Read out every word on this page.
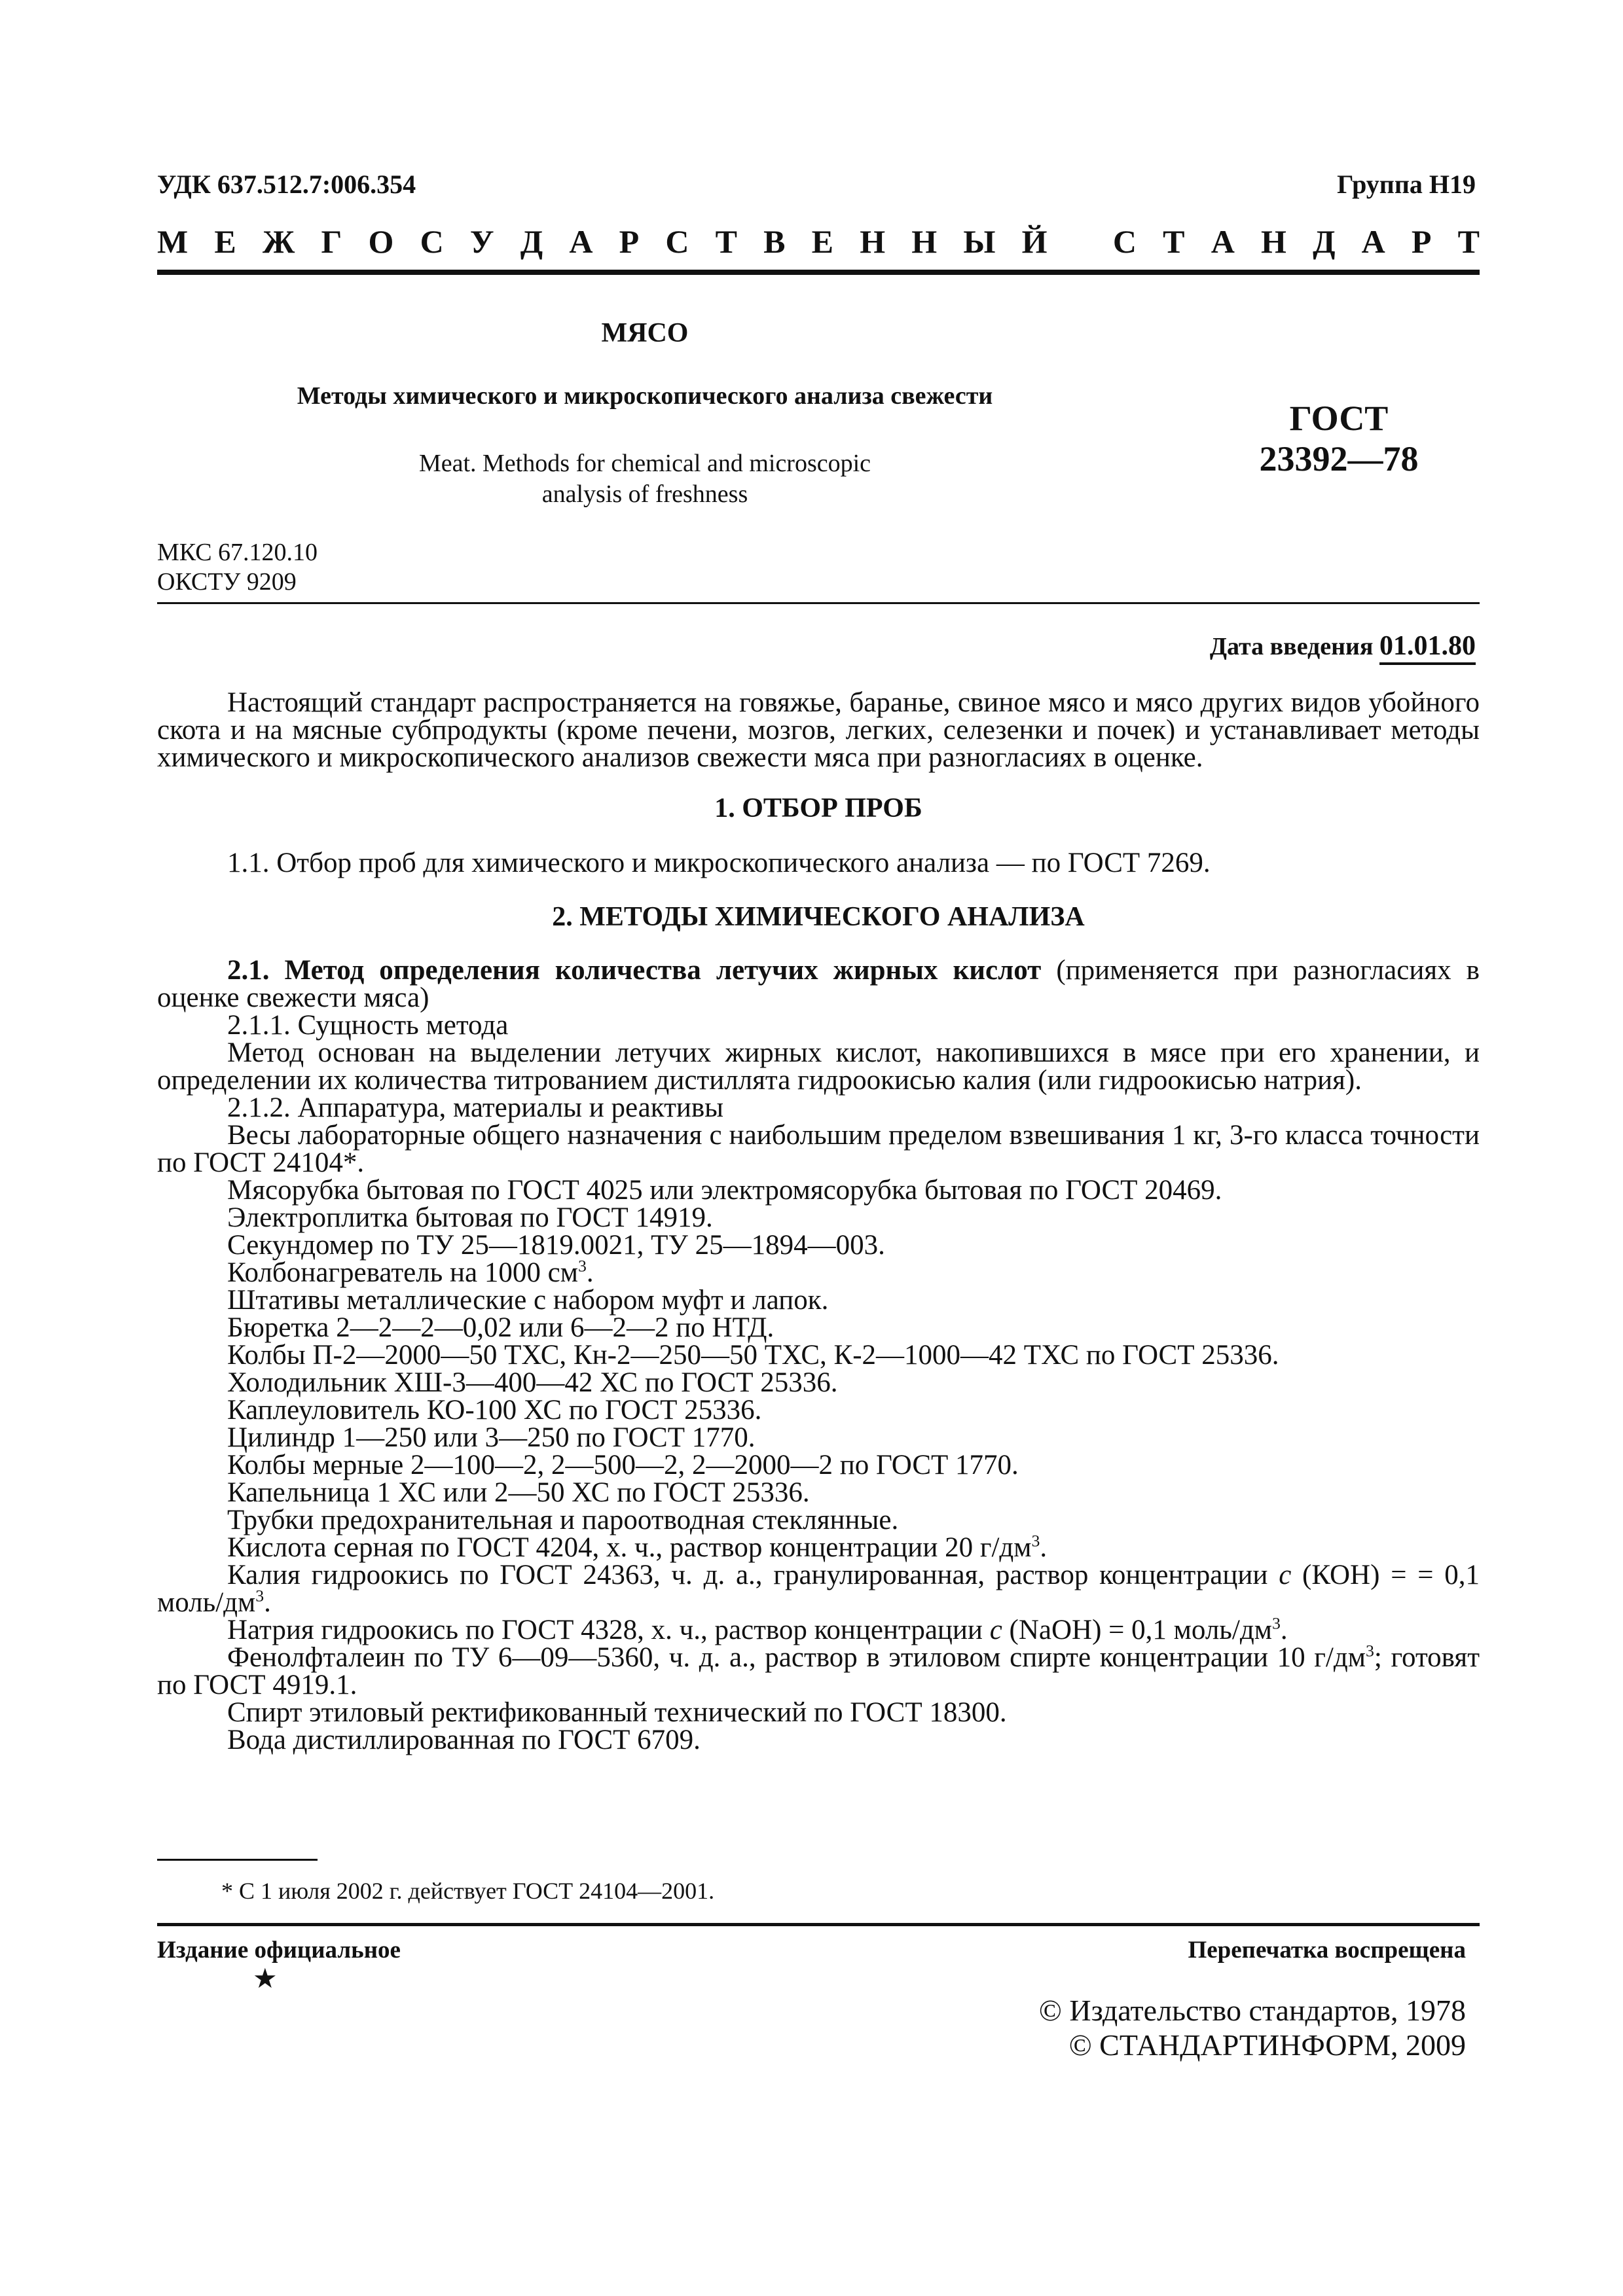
УДК 637.512.7:006.354	Группа Н19
М Е Ж Г О С У Д А Р С Т В Е Н Н Ы Й С Т А Н Д А Р Т
МЯСО
Методы химического и микроскопического анализа свежести
Meat. Methods for chemical and microscopic
analysis of freshness
ГОСТ
23392—78
МКС 67.120.10
ОКСТУ 9209
Дата введения 01.01.80

Настоящий стандарт распространяется на говяжье, баранье, свиное мясо и мясо других видов убойного скота и на мясные субпродукты (кроме печени, мозгов, легких, селезенки и почек) и устанавливает методы химического и микроскопического анализов свежести мяса при разногласиях в оценке.

1. ОТБОР ПРОБ

1.1. Отбор проб для химического и микроскопического анализа — по ГОСТ 7269.

2. МЕТОДЫ ХИМИЧЕСКОГО АНАЛИЗА

2.1. Метод определения количества летучих жирных кислот (применяется при разногласиях в оценке свежести мяса)

2.1.1. Сущность метода

Метод основан на выделении летучих жирных кислот, накопившихся в мясе при его хранении, и определении их количества титрованием дистиллята гидроокисью калия (или гидроокисью натрия).

2.1.2. Аппаратура, материалы и реактивы

Весы лабораторные общего назначения с наибольшим пределом взвешивания 1 кг, 3-го класса точности по ГОСТ 24104*.

Мясорубка бытовая по ГОСТ 4025 или электромясорубка бытовая по ГОСТ 20469.

Электроплитка бытовая по ГОСТ 14919.

Секундомер по ТУ 25—1819.0021, ТУ 25—1894—003.

Колбонагреватель на 1000 $см^3$.

Штативы металлические с набором муфт и лапок.

Бюретка 2—2—2—0,02 или 6—2—2 по НТД.

Колбы П-2—2000—50 ТХС, Кн-2—250—50 ТХС, К-2—1000—42 ТХС по ГОСТ 25336.

Холодильник ХШ-3—400—42 ХС по ГОСТ 25336.

Каплеуловитель КО-100 ХС по ГОСТ 25336.

Цилиндр 1—250 или 3—250 по ГОСТ 1770.

Колбы мерные 2—100—2, 2—500—2, 2—2000—2 по ГОСТ 1770.

Капельница 1 ХС или 2—50 ХС по ГОСТ 25336.

Трубки предохранительная и пароотводная стеклянные.

Кислота серная по ГОСТ 4204, х. ч., раствор концентрации 20 $г/дм^3$.

Калия гидроокись по ГОСТ 24363, ч. д. а., гранулированная, раствор концентрации c (КОН) = = 0,1 моль/$дм^3$.

Натрия гидроокись по ГОСТ 4328, х. ч., раствор концентрации c (NaOH) = 0,1 моль/$дм^3$.

Фенолфталеин по ТУ 6—09—5360, ч. д. а., раствор в этиловом спирте концентрации 10 $г/дм^3$; готовят по ГОСТ 4919.1.

Спирт этиловый ректификованный технический по ГОСТ 18300.

Вода дистиллированная по ГОСТ 6709.

* С 1 июля 2002 г. действует ГОСТ 24104—2001.
Издание официальное
★
Перепечатка воспрещена
© Издательство стандартов, 1978
© СТАНДАРТИНФОРМ, 2009
